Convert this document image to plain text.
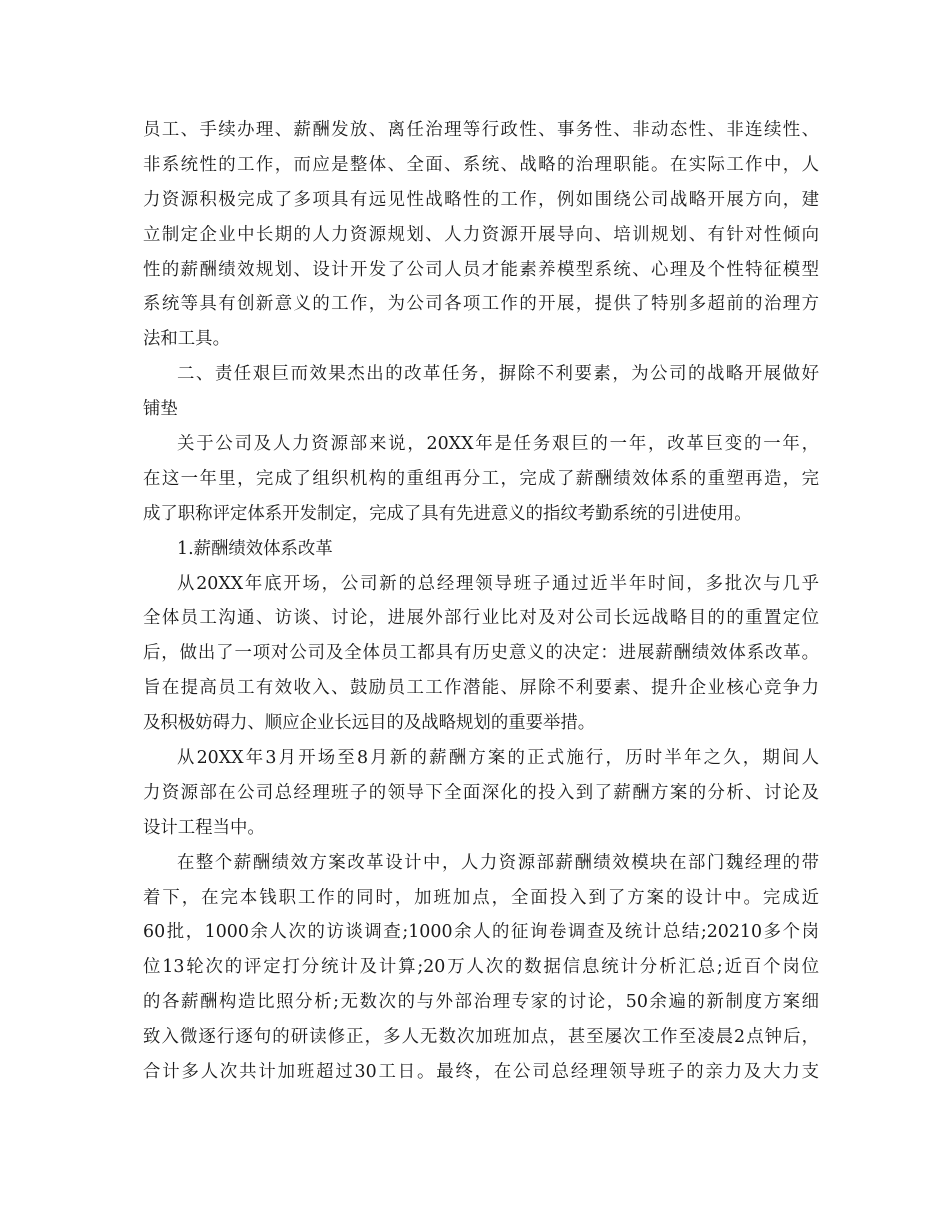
员工、手续办理、薪酬发放、离任治理等行政性、事务性、非动态性、非连续性、
非系统性的工作，而应是整体、全面、系统、战略的治理职能。在实际工作中，人
力资源积极完成了多项具有远见性战略性的工作，例如围绕公司战略开展方向，建
立制定企业中长期的人力资源规划、人力资源开展导向、培训规划、有针对性倾向
性的薪酬绩效规划、设计开发了公司人员才能素养模型系统、心理及个性特征模型
系统等具有创新意义的工作，为公司各项工作的开展，提供了特别多超前的治理方
法和工具。
二、责任艰巨而效果杰出的改革任务，摒除不利要素，为公司的战略开展做好
铺垫
关于公司及人力资源部来说，20XX年是任务艰巨的一年，改革巨变的一年，
在这一年里，完成了组织机构的重组再分工，完成了薪酬绩效体系的重塑再造，完
成了职称评定体系开发制定，完成了具有先进意义的指纹考勤系统的引进使用。
1.薪酬绩效体系改革
从20XX年底开场，公司新的总经理领导班子通过近半年时间，多批次与几乎
全体员工沟通、访谈、讨论，进展外部行业比对及对公司长远战略目的的重置定位
后，做出了一项对公司及全体员工都具有历史意义的决定：进展薪酬绩效体系改革。
旨在提高员工有效收入、鼓励员工工作潜能、屏除不利要素、提升企业核心竞争力
及积极妨碍力、顺应企业长远目的及战略规划的重要举措。
从20XX年3月开场至8月新的薪酬方案的正式施行，历时半年之久，期间人
力资源部在公司总经理班子的领导下全面深化的投入到了薪酬方案的分析、讨论及
设计工程当中。
在整个薪酬绩效方案改革设计中，人力资源部薪酬绩效模块在部门魏经理的带
着下，在完本钱职工作的同时，加班加点，全面投入到了方案的设计中。完成近
60批，1000余人次的访谈调查;1000余人的征询卷调查及统计总结;20210多个岗
位13轮次的评定打分统计及计算;20万人次的数据信息统计分析汇总;近百个岗位
的各薪酬构造比照分析;无数次的与外部治理专家的讨论，50余遍的新制度方案细
致入微逐行逐句的研读修正，多人无数次加班加点，甚至屡次工作至凌晨2点钟后，
合计多人次共计加班超过30工日。最终，在公司总经理领导班子的亲力及大力支
